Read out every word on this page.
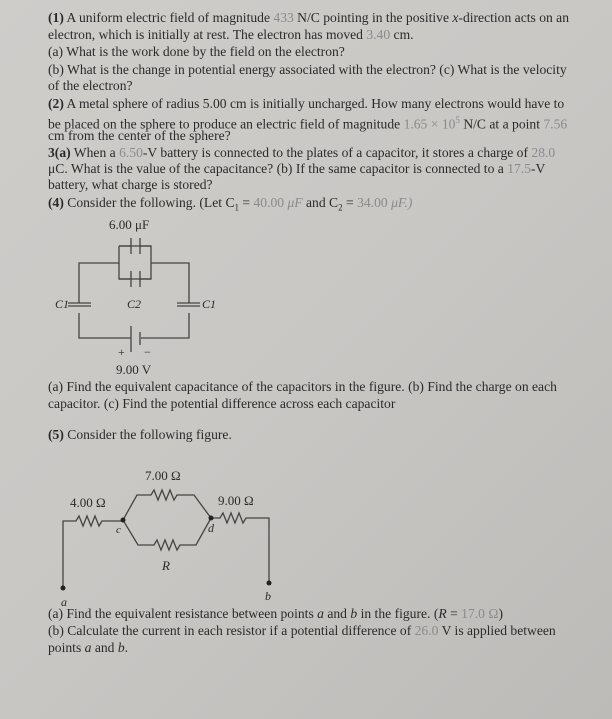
(1) A uniform electric field of magnitude 433 N/C pointing in the positive x-direction acts on an
electron, which is initially at rest. The electron has moved 3.40 cm.
(a) What is the work done by the field on the electron?
(b) What is the change in potential energy associated with the electron? (c) What is the velocity
of the electron?
(2) A metal sphere of radius 5.00 cm is initially uncharged. How many electrons would have to
be placed on the sphere to produce an electric field of magnitude $1.65 \times 10^5$ N/C at a point 7.56
cm from the center of the sphere?
3(a) When a 6.50-V battery is connected to the plates of a capacitor, it stores a charge of 28.0
μC. What is the value of the capacitance? (b) If the same capacitor is connected to a 17.5-V
battery, what charge is stored?
(4) Consider the following. (Let $C_1 = 40.00$ μF and $C_2 = 34.00$ μF.)
6.00 μF
C1	C2	C1
+ −
9.00 V
7.00 Ω
4.00 Ω	9.00 Ω
R
a	b
c	d
(a) Find the equivalent capacitance of the capacitors in the figure. (b) Find the charge on each
capacitor. (c) Find the potential difference across each capacitor
(5) Consider the following figure.
(a) Find the equivalent resistance between points a and b in the figure. (R = 17.0 Ω)
(b) Calculate the current in each resistor if a potential difference of 26.0 V is applied between
points a and b.
